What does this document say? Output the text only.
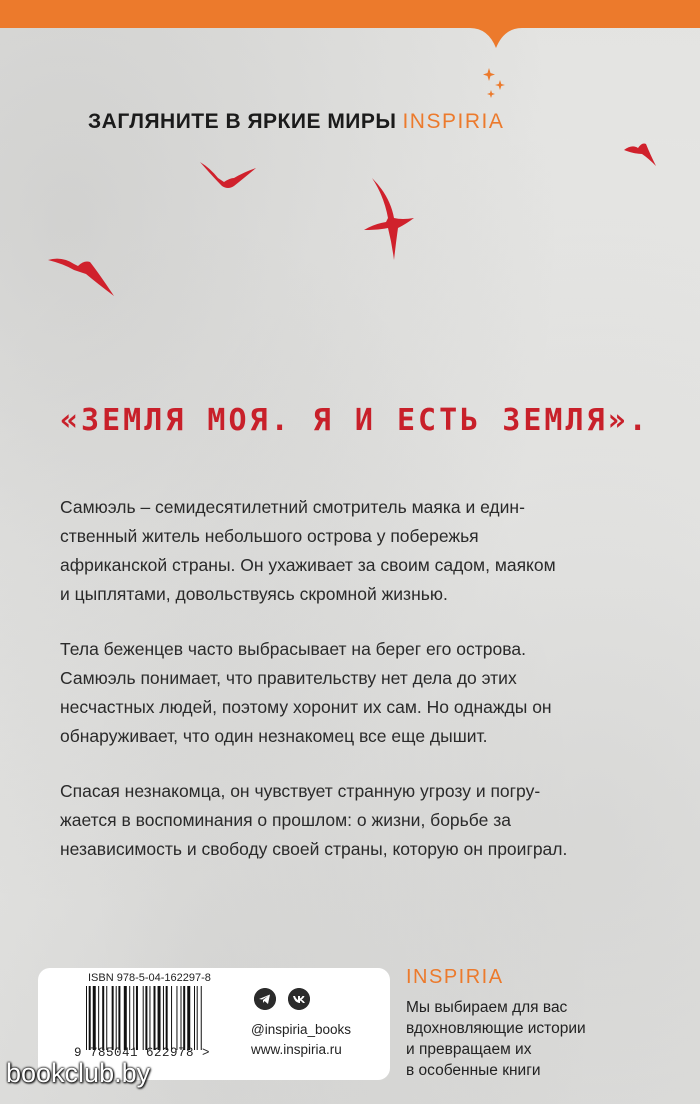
ЗАГЛЯНИТЕ В ЯРКИЕ МИРЫ INSPIRIA
«ЗЕМЛЯ МОЯ. Я И ЕСТЬ ЗЕМЛЯ».
Самюэль – семидесятилетний смотритель маяка и един-
ственный житель небольшого острова у побережья
африканской страны. Он ухаживает за своим садом, маяком
и цыплятами, довольствуясь скромной жизнью.
Тела беженцев часто выбрасывает на берег его острова.
Самюэль понимает, что правительству нет дела до этих
несчастных людей, поэтому хоронит их сам. Но однажды он
обнаруживает, что один незнакомец все еще дышит.
Спасая незнакомца, он чувствует странную угрозу и погру-
жается в воспоминания о прошлом: о жизни, борьбе за
независимость и свободу своей страны, которую он проиграл.
ISBN 978-5-04-162297-8
9 785041 622978 >
@inspiria_books
www.inspiria.ru
INSPIRIA
Мы выбираем для вас
вдохновляющие истории
и превращаем их
в особенные книги
bookclub.by
